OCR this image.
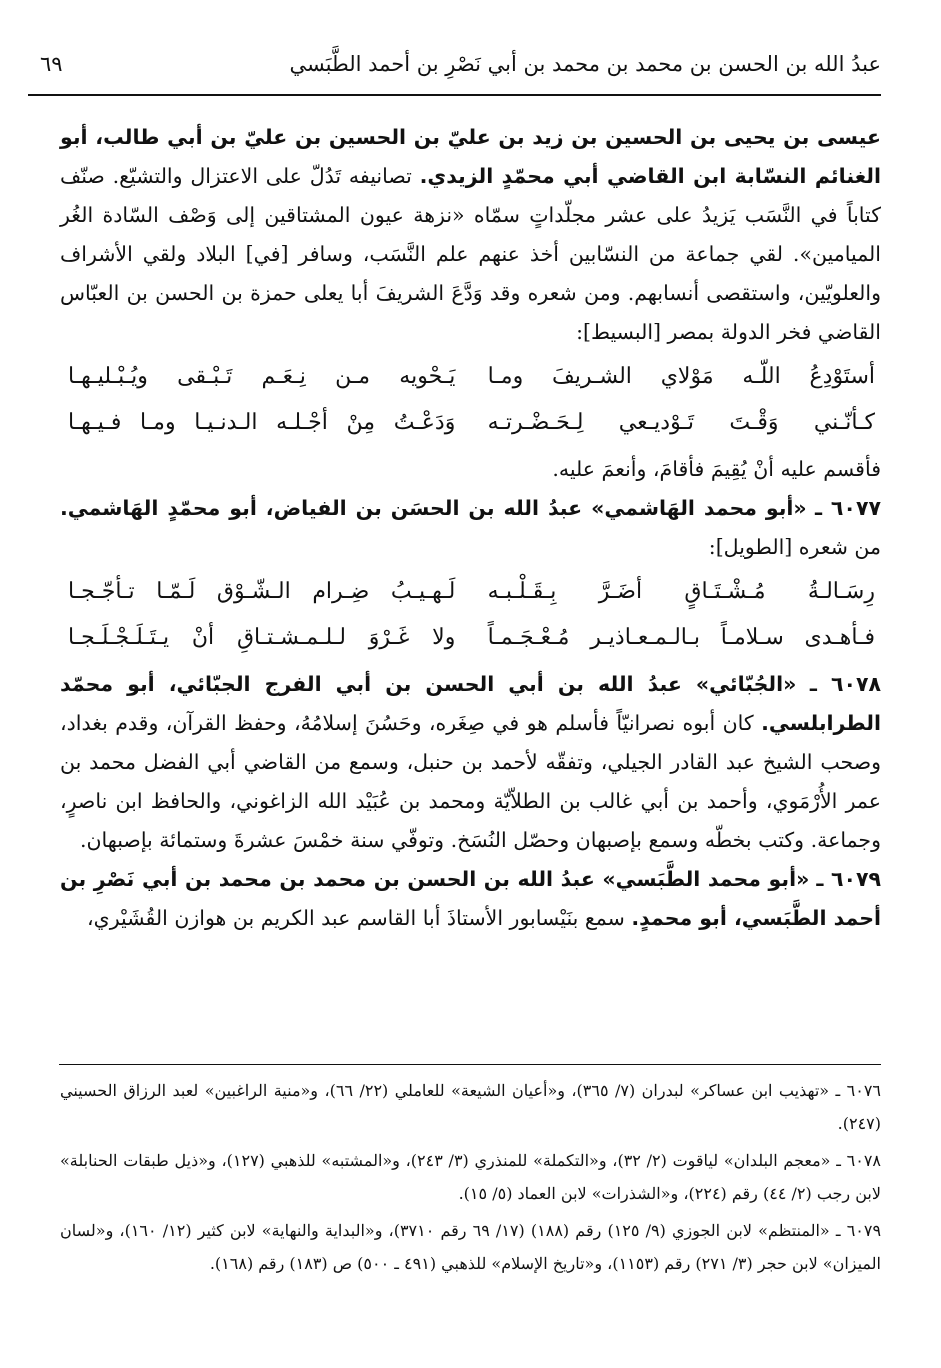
عبدُ الله بن الحسن بن محمد بن محمد بن أبي نَصْرِ بن أحمد الطَّبَسي
٦٩

عيسى بن يحيى بن الحسين بن زيد بن عليّ بن الحسين بن عليّ بن أبي طالب، أبو الغنائم النسّابة ابن القاضي أبي محمّدٍ الزيدي. تصانيفه تَدُلّ على الاعتزال والتشيّع. صنّف كتاباً في النَّسَب يَزيدُ على عشر مجلّداتٍ سمّاه «نزهة عيون المشتاقين إلى وَصْف السّادة الغُر الميامين». لقي جماعة من النسّابين أخذ عنهم علم النَّسَب، وسافر [في] البلاد ولقي الأشراف والعلويّين، واستقصى أنسابهم. ومن شعره وقد وَدَّعَ الشريفَ أبا يعلى حمزة بن الحسن بن العبّاس القاضي فخر الدولة بمصر [البسيط]:

أستَوْدِعُ اللّـه مَوْلاي الشـريفَ ومـا
يَـحْويه مـن نِـعَـم تَـبْـقى ويُـبْـليـهـا
كـأنّـني وَقْـتَ تَـوْديـعي لِـحَـضْـرتـه
وَدَعْـتُ مِنْ أجْـلـه الـدنـيـا ومـا فـيـهـا

فأقسم عليه أنْ يُقِيمَ فأقامَ، وأنعمَ عليه.

٦٠٧٧ ـ «أبو محمد الهَاشمي» عبدُ الله بن الحسَن بن الفياض، أبو محمّدٍ الهَاشمي. من شعره [الطويل]:

رِسَـالـةُ مُـشْـتَـاقٍ أضَـرَّ بِـقَـلْـبـه
لَـهـيـبُ ضِـرام الـشّـوْق لَـمّـا تـأجّـجـا
فـأهـدى سـلامـاً بـالـمـعـاذيـر مُـعْـجَـمـاً
ولا غَـرْوَ لـلـمـشـتـاقِ أنْ يـتَـلَـجْـلَـجـا

٦٠٧٨ ـ «الجُبّائي» عبدُ الله بن أبي الحسن بن أبي الفرج الجبّائي، أبو محمّد الطرابلسي. كان أبوه نصرانيّاً فأسلم هو في صِغَره، وحَسُنَ إسلامُهُ، وحفظ القرآن، وقدم بغداد، وصحب الشيخ عبد القادر الجيلي، وتفقّه لأحمد بن حنبل، وسمع من القاضي أبي الفضل محمد بن عمر الأُرْمَوي، وأحمد بن أبي غالب بن الطلاّيّة ومحمد بن عُبَيْد الله الزاغوني، والحافظ ابن ناصرٍ، وجماعة. وكتب بخطّه وسمع بإصبهان وحصّل النُسَخ. وتوفّي سنة خمْسَ عشرةَ وستمائة بإصبهان.

٦٠٧٩ ـ «أبو محمد الطَّبَسي» عبدُ الله بن الحسن بن محمد بن محمد بن أبي نَصْرِ بن أحمد الطَّبَسي، أبو محمدٍ. سمع بنَيْسابور الأستاذَ أبا القاسم عبد الكريم بن هوازن القُشَيْري،

٦٠٧٦ ـ «تهذيب ابن عساكر» لبدران (٧/ ٣٦٥)، و«أعيان الشيعة» للعاملي (٢٢/ ٦٦)، و«منية الراغبين» لعبد الرزاق الحسيني (٢٤٧).

٦٠٧٨ ـ «معجم البلدان» لياقوت (٢/ ٣٢)، و«التكملة» للمنذري (٣/ ٢٤٣)، و«المشتبه» للذهبي (١٢٧)، و«ذيل طبقات الحنابلة» لابن رجب (٢/ ٤٤) رقم (٢٢٤)، و«الشذرات» لابن العماد (٥/ ١٥).

٦٠٧٩ ـ «المنتظم» لابن الجوزي (٩/ ١٢٥) رقم (١٨٨) (١٧/ ٦٩ رقم ٣٧١٠)، و«البداية والنهاية» لابن كثير (١٢/ ١٦٠)، و«لسان الميزان» لابن حجر (٣/ ٢٧١) رقم (١١٥٣)، و«تاريخ الإسلام» للذهبي (٤٩١ ـ ٥٠٠) ص (١٨٣) رقم (١٦٨).
